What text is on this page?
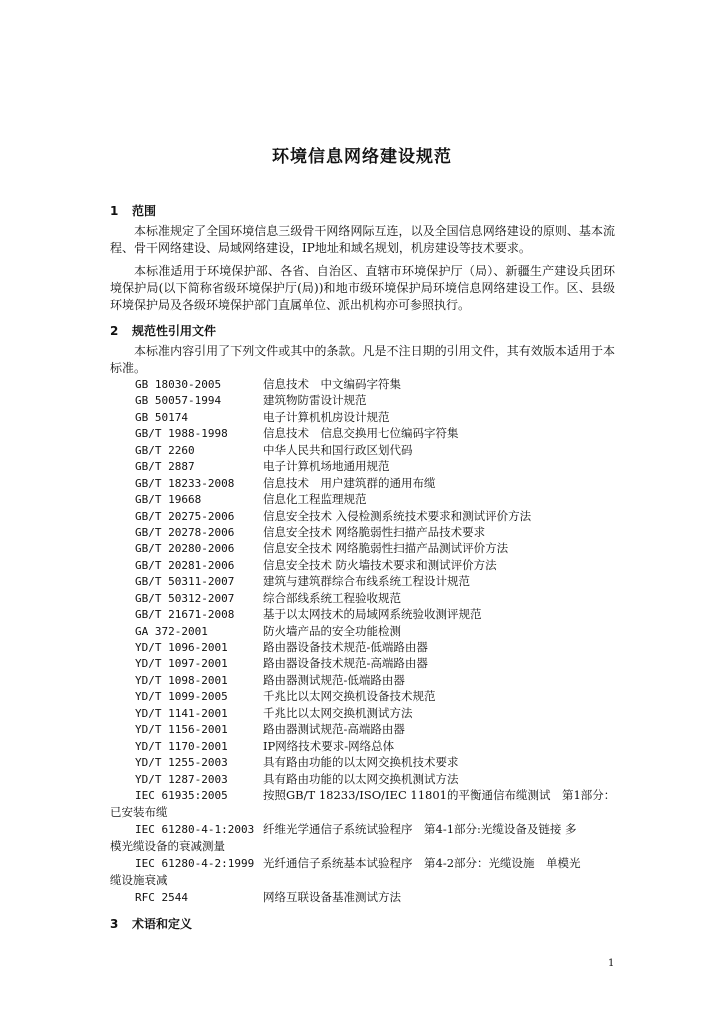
环境信息网络建设规范
1 范围
本标准规定了全国环境信息三级骨干网络网际互连，以及全国信息网络建设的原则、基本流程、骨干网络建设、局域网络建设，IP地址和域名规划，机房建设等技术要求。
本标准适用于环境保护部、各省、自治区、直辖市环境保护厅（局）、新疆生产建设兵团环境保护局(以下简称省级环境保护厅(局))和地市级环境保护局环境信息网络建设工作。区、县级环境保护局及各级环境保护部门直属单位、派出机构亦可参照执行。
2 规范性引用文件
本标准内容引用了下列文件或其中的条款。凡是不注日期的引用文件，其有效版本适用于本标准。
GB 18030-2005	信息技术　中文编码字符集
GB 50057-1994	建筑物防雷设计规范
GB 50174	电子计算机机房设计规范
GB/T 1988-1998	信息技术　信息交换用七位编码字符集
GB/T 2260	中华人民共和国行政区划代码
GB/T 2887	电子计算机场地通用规范
GB/T 18233-2008 信息技术　用户建筑群的通用布缆
GB/T 19668	信息化工程监理规范
GB/T 20275-2006 信息安全技术 入侵检测系统技术要求和测试评价方法
GB/T 20278-2006 信息安全技术 网络脆弱性扫描产品技术要求
GB/T 20280-2006 信息安全技术 网络脆弱性扫描产品测试评价方法
GB/T 20281-2006 信息安全技术 防火墙技术要求和测试评价方法
GB/T 50311-2007 建筑与建筑群综合布线系统工程设计规范
GB/T 50312-2007 综合部线系统工程验收规范
GB/T 21671-2008 基于以太网技术的局域网系统验收测评规范
GA 372-2001	防火墙产品的安全功能检测
YD/T 1096-2001	路由器设备技术规范-低端路由器
YD/T 1097-2001	路由器设备技术规范-高端路由器
YD/T 1098-2001	路由器测试规范-低端路由器
YD/T 1099-2005	千兆比以太网交换机设备技术规范
YD/T 1141-2001	千兆比以太网交换机测试方法
YD/T 1156-2001	路由器测试规范-高端路由器
YD/T 1170-2001	IP网络技术要求-网络总体
YD/T 1255-2003	具有路由功能的以太网交换机技术要求
YD/T 1287-2003	具有路由功能的以太网交换机测试方法
IEC 61935:2005	按照GB/T 18233/ISO/IEC 11801的平衡通信布缆测试　第1部分：
已安装布缆
IEC 61280-4-1:2003 纤维光学通信子系统试验程序　第4-1部分:光缆设备及链接 多
模光缆设备的衰减测量
IEC 61280-4-2:1999 光纤通信子系统基本试验程序　第4-2部分：光缆设施　单模光
缆设施衰减
RFC 2544	网络互联设备基准测试方法
3 术语和定义
1
